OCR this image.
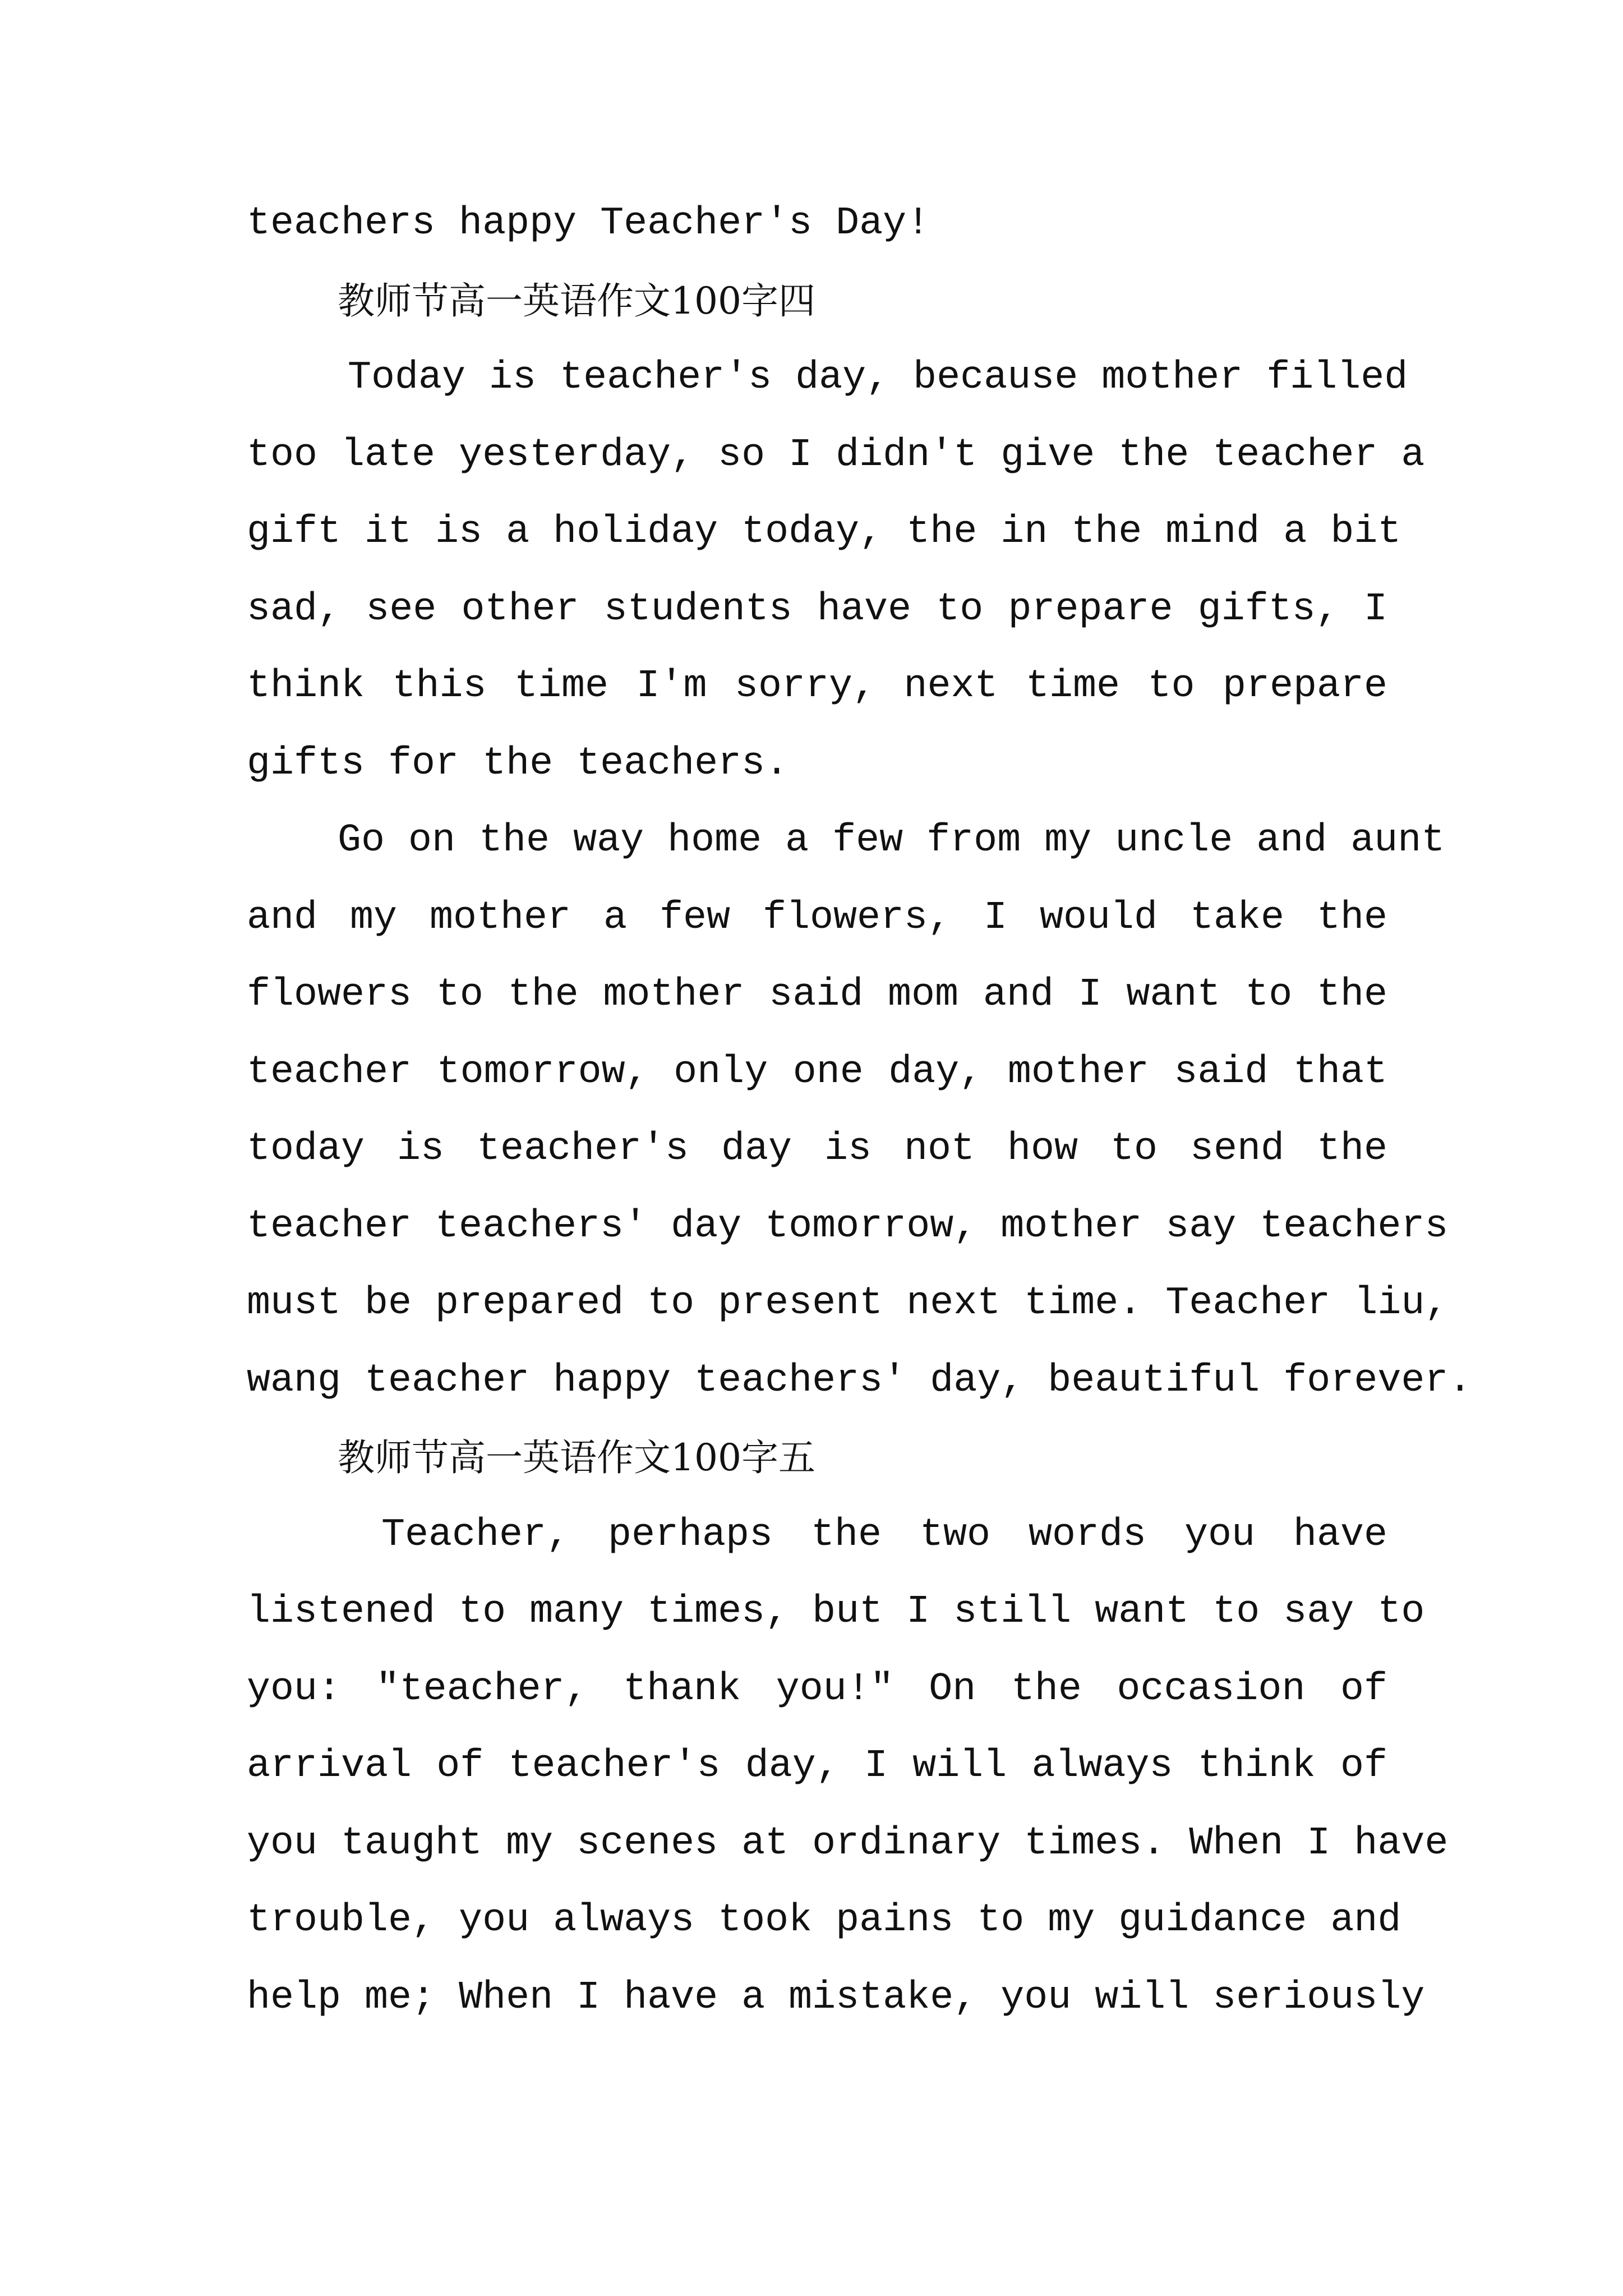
teachers happy Teacher's Day!
教师节高一英语作文100字四
Today is teacher's day, because mother filled
too late yesterday, so I didn't give the teacher a
gift it is a holiday today, the in the mind a bit
sad, see other students have to prepare gifts, I
think this time I'm sorry, next time to prepare
gifts for the teachers.
Go on the way home a few from my uncle and aunt
and my mother a few flowers, I would take the
flowers to the mother said mom and I want to the
teacher tomorrow, only one day, mother said that
today is teacher's day is not how to send the
teacher teachers' day tomorrow, mother say teachers
must be prepared to present next time. Teacher liu,
wang teacher happy teachers' day, beautiful forever.
教师节高一英语作文100字五
Teacher, perhaps the two words you have
listened to many times, but I still want to say to
you: "teacher, thank you!" On the occasion of
arrival of teacher's day, I will always think of
you taught my scenes at ordinary times. When I have
trouble, you always took pains to my guidance and
help me; When I have a mistake, you will seriously
